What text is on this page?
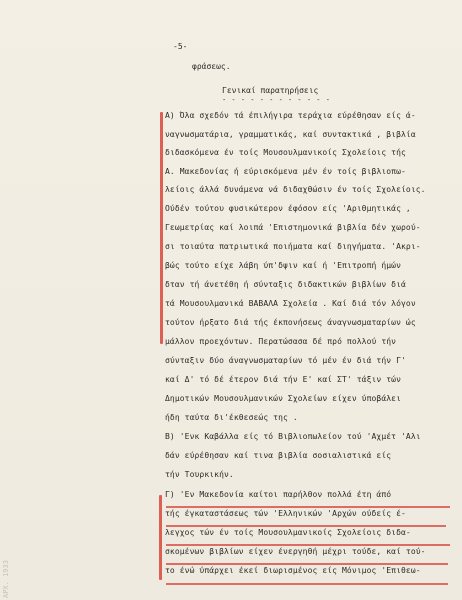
-5-
φράσεως.
Γενικαί παρατηρήσεις
- - - - - - - - - - - -
Α) Όλα σχεδόν τά έπιλήγιρα τεράχια εύρέθησαν είς ά-
ναγνωσματάρια, γραμματικάς, καί συντακτικά , βιβλία
διδασκόμενα έν τοίς Μουσουλμανικοίς Σχολείοις τής
Α. Μακεδονίας ή εύρισκόμενα μέν έν τοίς βιβλιοπω-
λείοις άλλά δυνάμενα νά διδαχθώσιν έν τοίς Σχολείοις.
Ούδέν τούτου φυσικώτερον έφόσον είς 'Αριθμητικάς ,
Γεωμετρίας καί λοιπά 'Επιστημονικά βιβλία δέν χωρού-
σι τοιαύτα πατριωτικά ποιήματα καί διηγήματα. 'Ακρι-
βώς τούτο είχε λάβη ύπ'δψιν καί ή 'Επιτροπή ήμών
δταν τή άνετέθη ή σύνταξις διδακτικών βιβλίων διά
τά Μουσουλμανικά ΒΑΒΑΛΑ Σχολεία . Καί διά τόν λόγον
τούτον ήρξατο διά τής έκπονήσεως άναγνωσματαρίων ώς
μάλλον προεχόντων. Περατώσασα δέ πρό πολλού τήν
σύνταξιν δύο άναγνωσματαρίων τό μέν έν διά τήν Γ'
καί Δ' τό δέ έτερον διά τήν Ε' καί ΣΤ' τάξιν τών
Δημοτικών Μουσουλμανικών Σχολείων είχεν ύποβάλει
ήδη ταύτα δι'έκθεσεώς της .
Β) 'Ενκ Καβάλλα είς τό Βιβλιοπωλείον τού 'Αχμέτ 'Αλι
δάν εύρέθησαν καί τινα βιβλία σοσιαλιστικά είς
τήν Τουρκικήν.
Γ) 'Εν Μακεδονία καίτοι παρήλθον πολλά έτη άπό
τής έγκαταστάσεως τών 'Ελληνικών 'Αρχών ούδείς έ-
λεγχος τών έν τοίς Μουσουλμανικοίς Σχολείοις διδα-
σκομένων βιβλίων είχεν ένεργηθή μέχρι τούδε, καί τού-
το ένώ ύπάρχει έκεί διωρισμένος είς Μόνιμος 'Επιθεω-
ΑΡΧ. 1933
